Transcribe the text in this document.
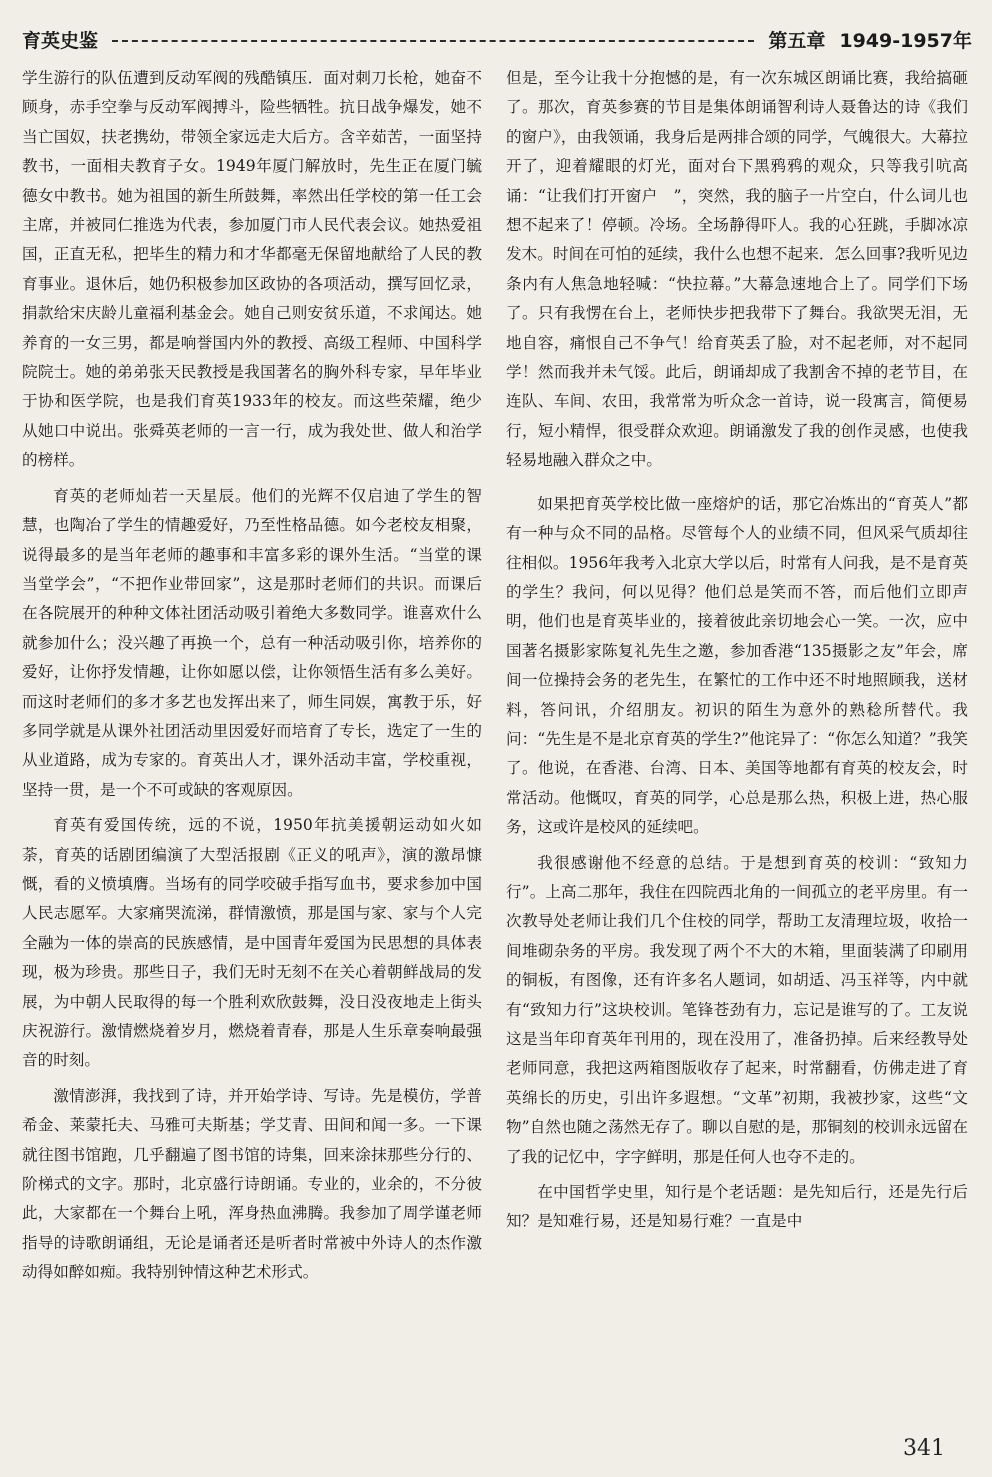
育英史鉴	第五章 1949-1957年

学生游行的队伍遭到反动军阀的残酷镇压．面对刺刀长枪，她奋不顾身，赤手空拳与反动军阀搏斗，险些牺牲。抗日战争爆发，她不当亡国奴，扶老携幼，带领全家远走大后方。含辛茹苦，一面坚持教书，一面相夫教育子女。1949年厦门解放时，先生正在厦门毓德女中教书。她为祖国的新生所鼓舞，率然出任学校的第一任工会主席，并被同仁推选为代表，参加厦门市人民代表会议。她热爱祖国，正直无私，把毕生的精力和才华都毫无保留地献给了人民的教育事业。退休后，她仍积极参加区政协的各项活动，撰写回忆录，捐款给宋庆龄儿童福利基金会。她自己则安贫乐道，不求闻达。她养育的一女三男，都是响誉国内外的教授、高级工程师、中国科学院院士。她的弟弟张天民教授是我国著名的胸外科专家，早年毕业于协和医学院，也是我们育英1933年的校友。而这些荣耀，绝少从她口中说出。张舜英老师的一言一行，成为我处世、做人和治学的榜样。

育英的老师灿若一天星辰。他们的光辉不仅启迪了学生的智慧，也陶冶了学生的情趣爱好，乃至性格品德。如今老校友相聚，说得最多的是当年老师的趣事和丰富多彩的课外生活。“当堂的课当堂学会”，“不把作业带回家”，这是那时老师们的共识。而课后在各院展开的种种文体社团活动吸引着绝大多数同学。谁喜欢什么就参加什么；没兴趣了再换一个，总有一种活动吸引你，培养你的爱好，让你抒发情趣，让你如愿以偿，让你领悟生活有多么美好。而这时老师们的多才多艺也发挥出来了，师生同娱，寓教于乐，好多同学就是从课外社团活动里因爱好而培育了专长，选定了一生的从业道路，成为专家的。育英出人才，课外活动丰富，学校重视，坚持一贯，是一个不可或缺的客观原因。

育英有爱国传统，远的不说，1950年抗美援朝运动如火如荼，育英的话剧团编演了大型活报剧《正义的吼声》，演的激昂慷慨，看的义愤填膺。当场有的同学咬破手指写血书，要求参加中国人民志愿军。大家痛哭流涕，群情激愤，那是国与家、家与个人完全融为一体的崇高的民族感情，是中国青年爱国为民思想的具体表现，极为珍贵。那些日子，我们无时无刻不在关心着朝鲜战局的发展，为中朝人民取得的每一个胜利欢欣鼓舞，没日没夜地走上街头庆祝游行。激情燃烧着岁月，燃烧着青春，那是人生乐章奏响最强音的时刻。

激情澎湃，我找到了诗，并开始学诗、写诗。先是模仿，学普希金、莱蒙托夫、马雅可夫斯基；学艾青、田间和闻一多。一下课就往图书馆跑，几乎翻遍了图书馆的诗集，回来涂抹那些分行的、阶梯式的文字。那时，北京盛行诗朗诵。专业的，业余的，不分彼此，大家都在一个舞台上吼，浑身热血沸腾。我参加了周学谨老师指导的诗歌朗诵组，无论是诵者还是听者时常被中外诗人的杰作激动得如醉如痴。我特别钟情这种艺术形式。

但是，至今让我十分抱憾的是，有一次东城区朗诵比赛，我给搞砸了。那次，育英参赛的节目是集体朗诵智利诗人聂鲁达的诗《我们的窗户》，由我领诵，我身后是两排合颂的同学，气魄很大。大幕拉开了，迎着耀眼的灯光，面对台下黑鸦鸦的观众，只等我引吭高诵：“让我们打开窗户　”，突然，我的脑子一片空白，什么词儿也想不起来了！停顿。冷场。全场静得吓人。我的心狂跳，手脚冰凉发木。时间在可怕的延续，我什么也想不起来．怎么回事?我听见边条内有人焦急地轻喊：“快拉幕。”大幕急速地合上了。同学们下场了。只有我愣在台上，老师快步把我带下了舞台。我欲哭无泪，无地自容，痛恨自己不争气！给育英丢了脸，对不起老师，对不起同学！然而我并未气馁。此后，朗诵却成了我割舍不掉的老节目，在连队、车间、农田，我常常为听众念一首诗，说一段寓言，简便易行，短小精悍，很受群众欢迎。朗诵激发了我的创作灵感，也使我轻易地融入群众之中。

如果把育英学校比做一座熔炉的话，那它冶炼出的“育英人”都有一种与众不同的品格。尽管每个人的业绩不同，但风采气质却往往相似。1956年我考入北京大学以后，时常有人问我，是不是育英的学生？我问，何以见得？他们总是笑而不答，而后他们立即声明，他们也是育英毕业的，接着彼此亲切地会心一笑。一次，应中国著名摄影家陈复礼先生之邀，参加香港“135摄影之友”年会，席间一位操持会务的老先生，在繁忙的工作中还不时地照顾我，送材料，答问讯，介绍朋友。初识的陌生为意外的熟稔所替代。我问：“先生是不是北京育英的学生?”他诧异了：“你怎么知道？”我笑了。他说，在香港、台湾、日本、美国等地都有育英的校友会，时常活动。他慨叹，育英的同学，心总是那么热，积极上进，热心服务，这或许是校风的延续吧。

我很感谢他不经意的总结。于是想到育英的校训：“致知力行”。上高二那年，我住在四院西北角的一间孤立的老平房里。有一次教导处老师让我们几个住校的同学，帮助工友清理垃圾，收拾一间堆砌杂务的平房。我发现了两个不大的木箱，里面装满了印刷用的铜板，有图像，还有许多名人题词，如胡适、冯玉祥等，内中就有“致知力行”这块校训。笔锋苍劲有力，忘记是谁写的了。工友说这是当年印育英年刊用的，现在没用了，准备扔掉。后来经教导处老师同意，我把这两箱图版收存了起来，时常翻看，仿佛走进了育英绵长的历史，引出许多遐想。“文革”初期，我被抄家，这些“文物”自然也随之荡然无存了。聊以自慰的是，那铜刻的校训永远留在了我的记忆中，字字鲜明，那是任何人也夺不走的。

在中国哲学史里，知行是个老话题：是先知后行，还是先行后知？是知难行易，还是知易行难？一直是中

341
